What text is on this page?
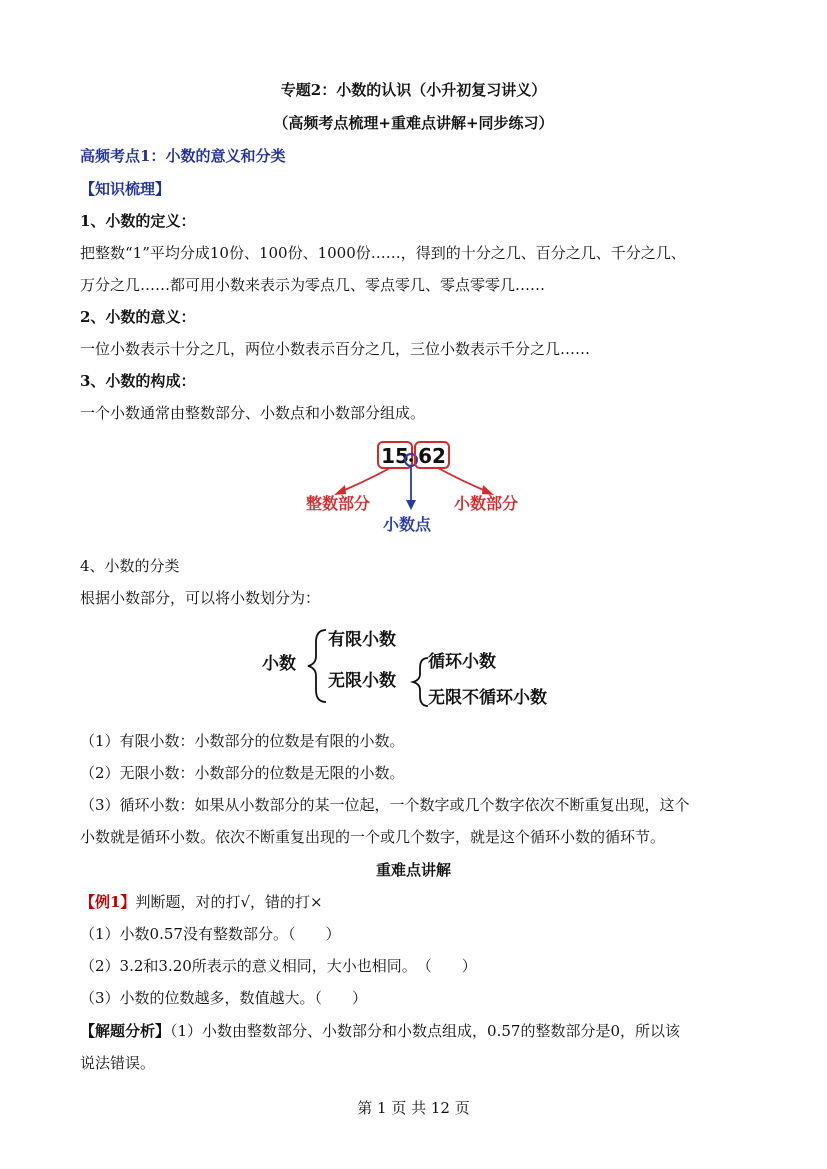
专题2：小数的认识（小升初复习讲义）
（高频考点梳理+重难点讲解+同步练习）
高频考点1：小数的意义和分类
【知识梳理】
1、小数的定义：
把整数“1”平均分成10份、100份、1000份……，得到的十分之几、百分之几、千分之几、
万分之几……都可用小数来表示为零点几、零点零几、零点零零几……
2、小数的意义：
一位小数表示十分之几，两位小数表示百分之几，三位小数表示千分之几……
3、小数的构成：
一个小数通常由整数部分、小数点和小数部分组成。
15 62
整数部分
小数点
小数部分
4、小数的分类
根据小数部分，可以将小数划分为：
小数
有限小数
无限小数
循环小数
无限不循环小数
（1）有限小数：小数部分的位数是有限的小数。
（2）无限小数：小数部分的位数是无限的小数。
（3）循环小数：如果从小数部分的某一位起，一个数字或几个数字依次不断重复出现，这个
小数就是循环小数。依次不断重复出现的一个或几个数字，就是这个循环小数的循环节。
重难点讲解
【例1】判断题，对的打√，错的打×
（1）小数0.57没有整数部分。（　　）
（2）3.2和3.20所表示的意义相同，大小也相同。　（　　）
（3）小数的位数越多，数值越大。（　　）
【解题分析】（1）小数由整数部分、小数部分和小数点组成，0.57的整数部分是0，所以该
说法错误。
第 1 页 共 12 页
